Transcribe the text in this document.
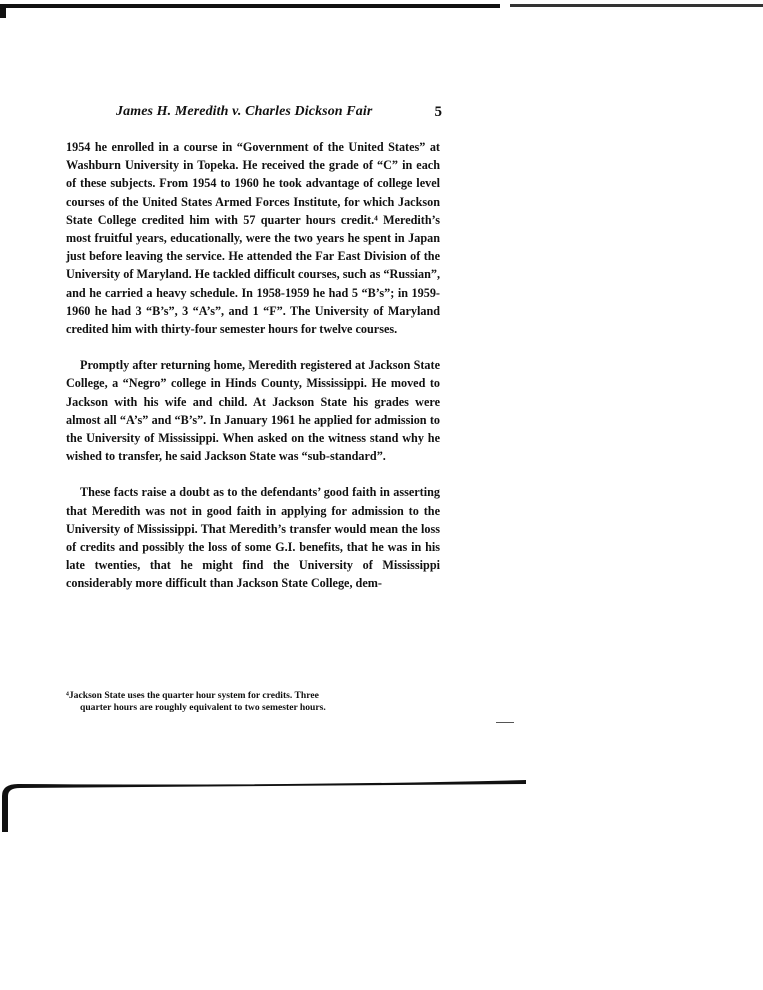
James H. Meredith v. Charles Dickson Fair	5

1954 he enrolled in a course in “Government of the United States” at Washburn University in Topeka. He received the grade of “C” in each of these subjects. From 1954 to 1960 he took advantage of college level courses of the United States Armed Forces Institute, for which Jackson State College credited him with 57 quarter hours credit.⁴ Meredith’s most fruitful years, educationally, were the two years he spent in Japan just before leaving the service. He attended the Far East Division of the University of Maryland. He tackled difficult courses, such as “Russian”, and he carried a heavy schedule. In 1958-1959 he had 5 “B’s”; in 1959-1960 he had 3 “B’s”, 3 “A’s”, and 1 “F”. The University of Maryland credited him with thirty-four semester hours for twelve courses.

Promptly after returning home, Meredith registered at Jackson State College, a “Negro” college in Hinds County, Mississippi. He moved to Jackson with his wife and child. At Jackson State his grades were almost all “A’s” and “B’s”. In January 1961 he applied for admission to the University of Mississippi. When asked on the witness stand why he wished to transfer, he said Jackson State was “sub-standard”.

These facts raise a doubt as to the defendants’ good faith in asserting that Meredith was not in good faith in applying for admission to the University of Mississippi. That Meredith’s transfer would mean the loss of credits and possibly the loss of some G.I. benefits, that he was in his late twenties, that he might find the University of Mississippi considerably more difficult than Jackson State College, dem-

⁴Jackson State uses the quarter hour system for credits. Three
quarter hours are roughly equivalent to two semester hours.
